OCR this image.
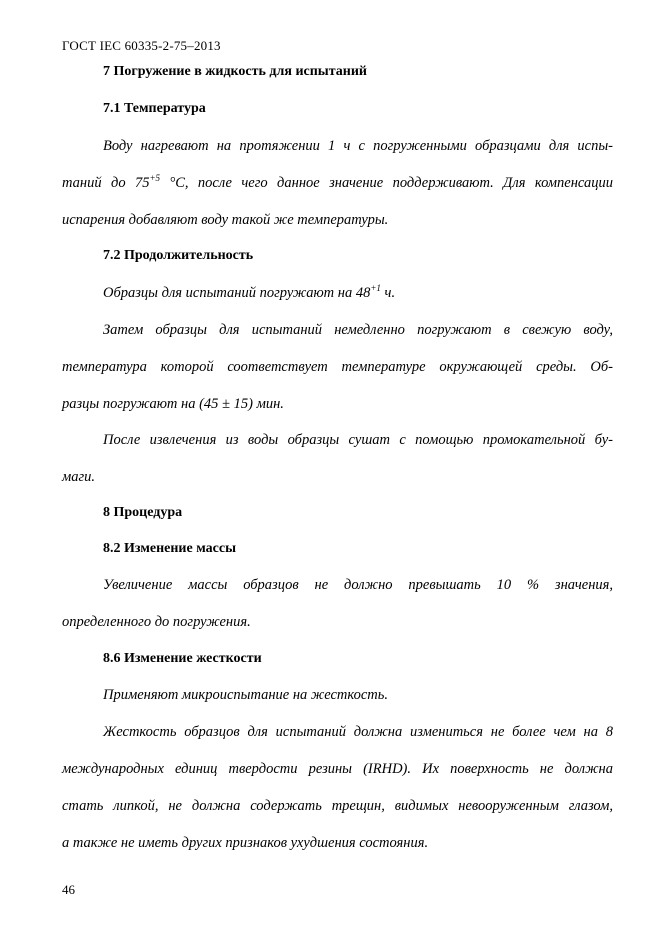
ГОСТ IEC 60335-2-75–2013
7 Погружение в жидкость для испытаний
7.1 Температура
Воду нагревают на протяжении 1 ч с погруженными образцами для испы-
таний до $75^{+5}$ °С, после чего данное значение поддерживают. Для компенсации
испарения добавляют воду такой же температуры.
7.2 Продолжительность
Образцы для испытаний погружают на $48^{+1}$ ч.
Затем образцы для испытаний немедленно погружают в свежую воду,
температура которой соответствует температуре окружающей среды. Об-
разцы погружают на (45 ± 15) мин.
После извлечения из воды образцы сушат с помощью промокательной бу-
маги.
8 Процедура
8.2 Изменение массы
Увеличение массы образцов не должно превышать 10 % значения,
определенного до погружения.
8.6 Изменение жесткости
Применяют микроиспытание на жесткость.
Жесткость образцов для испытаний должна измениться не более чем на 8
международных единиц твердости резины (IRHD). Их поверхность не должна
стать липкой, не должна содержать трещин, видимых невооруженным глазом,
а также не иметь других признаков ухудшения состояния.
46
